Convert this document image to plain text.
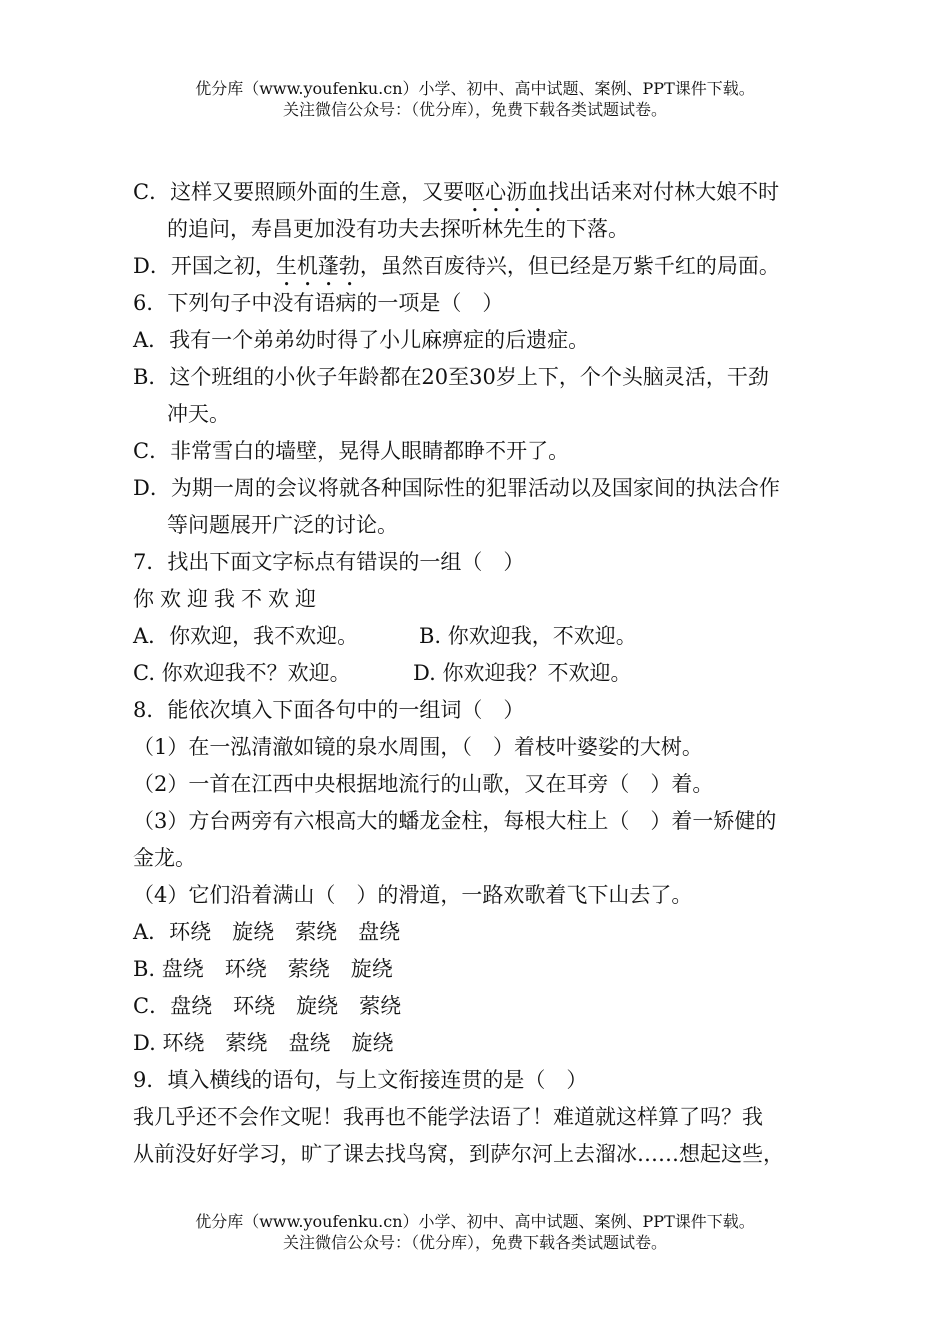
优分库（www.youfenku.cn）小学、初中、高中试题、案例、PPT课件下载。
关注微信公众号：（优分库），免费下载各类试题试卷。
C．这样又要照顾外面的生意，又要呕心沥血找出话来对付林大娘不时
的追问，寿昌更加没有功夫去探听林先生的下落。
D．开国之初，生机蓬勃，虽然百废待兴，但已经是万紫千红的局面。
6．下列句子中没有语病的一项是（　）
A．我有一个弟弟幼时得了小儿麻痹症的后遗症。
B．这个班组的小伙子年龄都在20至30岁上下，个个头脑灵活，干劲
冲天。
C．非常雪白的墙壁，晃得人眼睛都睁不开了。
D．为期一周的会议将就各种国际性的犯罪活动以及国家间的执法合作
等问题展开广泛的讨论。
7．找出下面文字标点有错误的一组（　）
你欢迎我不欢迎
A．你欢迎，我不欢迎。	B. 你欢迎我，不欢迎。
C. 你欢迎我不？欢迎。	D. 你欢迎我？不欢迎。
8．能依次填入下面各句中的一组词（　）
（1）在一泓清澈如镜的泉水周围，（　）着枝叶婆娑的大树。
（2）一首在江西中央根据地流行的山歌，又在耳旁（　）着。
（3）方台两旁有六根高大的蟠龙金柱，每根大柱上（　）着一矫健的
金龙。
（4）它们沿着满山（　）的滑道，一路欢歌着飞下山去了。
A．环绕　旋绕　萦绕　盘绕
B. 盘绕　环绕　萦绕　旋绕
C．盘绕　环绕　旋绕　萦绕
D. 环绕　萦绕　盘绕　旋绕
9．填入横线的语句，与上文衔接连贯的是（　）
我几乎还不会作文呢！我再也不能学法语了！难道就这样算了吗？我
从前没好好学习，旷了课去找鸟窝，到萨尔河上去溜冰……想起这些，
优分库（www.youfenku.cn）小学、初中、高中试题、案例、PPT课件下载。
关注微信公众号：（优分库），免费下载各类试题试卷。
